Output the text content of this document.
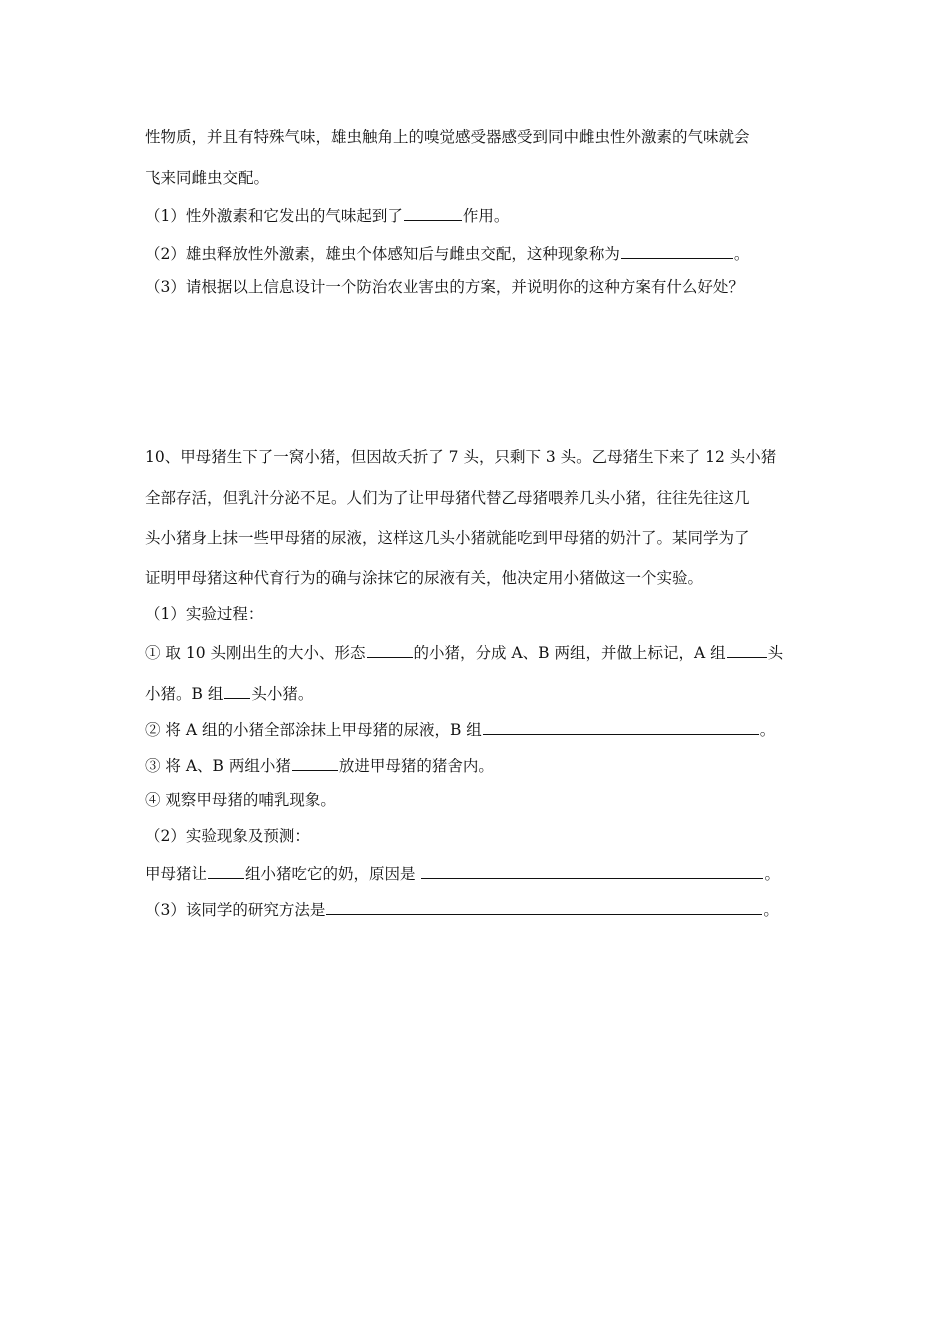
性物质，并且有特殊气味，雄虫触角上的嗅觉感受器感受到同中雌虫性外激素的气味就会
飞来同雌虫交配。
（1）性外激素和它发出的气味起到了	作用。
（2）雄虫释放性外激素，雄虫个体感知后与雌虫交配，这种现象称为	。
（3）请根据以上信息设计一个防治农业害虫的方案，并说明你的这种方案有什么好处？
10、甲母猪生下了一窝小猪，但因故夭折了 7 头，只剩下 3 头。乙母猪生下来了 12 头小猪
全部存活，但乳汁分泌不足。人们为了让甲母猪代替乙母猪喂养几头小猪，往往先往这几
头小猪身上抹一些甲母猪的尿液，这样这几头小猪就能吃到甲母猪的奶汁了。某同学为了
证明甲母猪这种代育行为的确与涂抹它的尿液有关，他决定用小猪做这一个实验。
（1）实验过程：
① 取 10 头刚出生的大小、形态	的小猪，分成 A、B 两组，并做上标记，A 组	头
小猪。B 组 头小猪。
② 将 A 组的小猪全部涂抹上甲母猪的尿液，B 组	。
③ 将 A、B 两组小猪	放进甲母猪的猪舍内。
④ 观察甲母猪的哺乳现象。
（2）实验现象及预测：
甲母猪让 组小猪吃它的奶，原因是	。
（3）该同学的研究方法是	。
